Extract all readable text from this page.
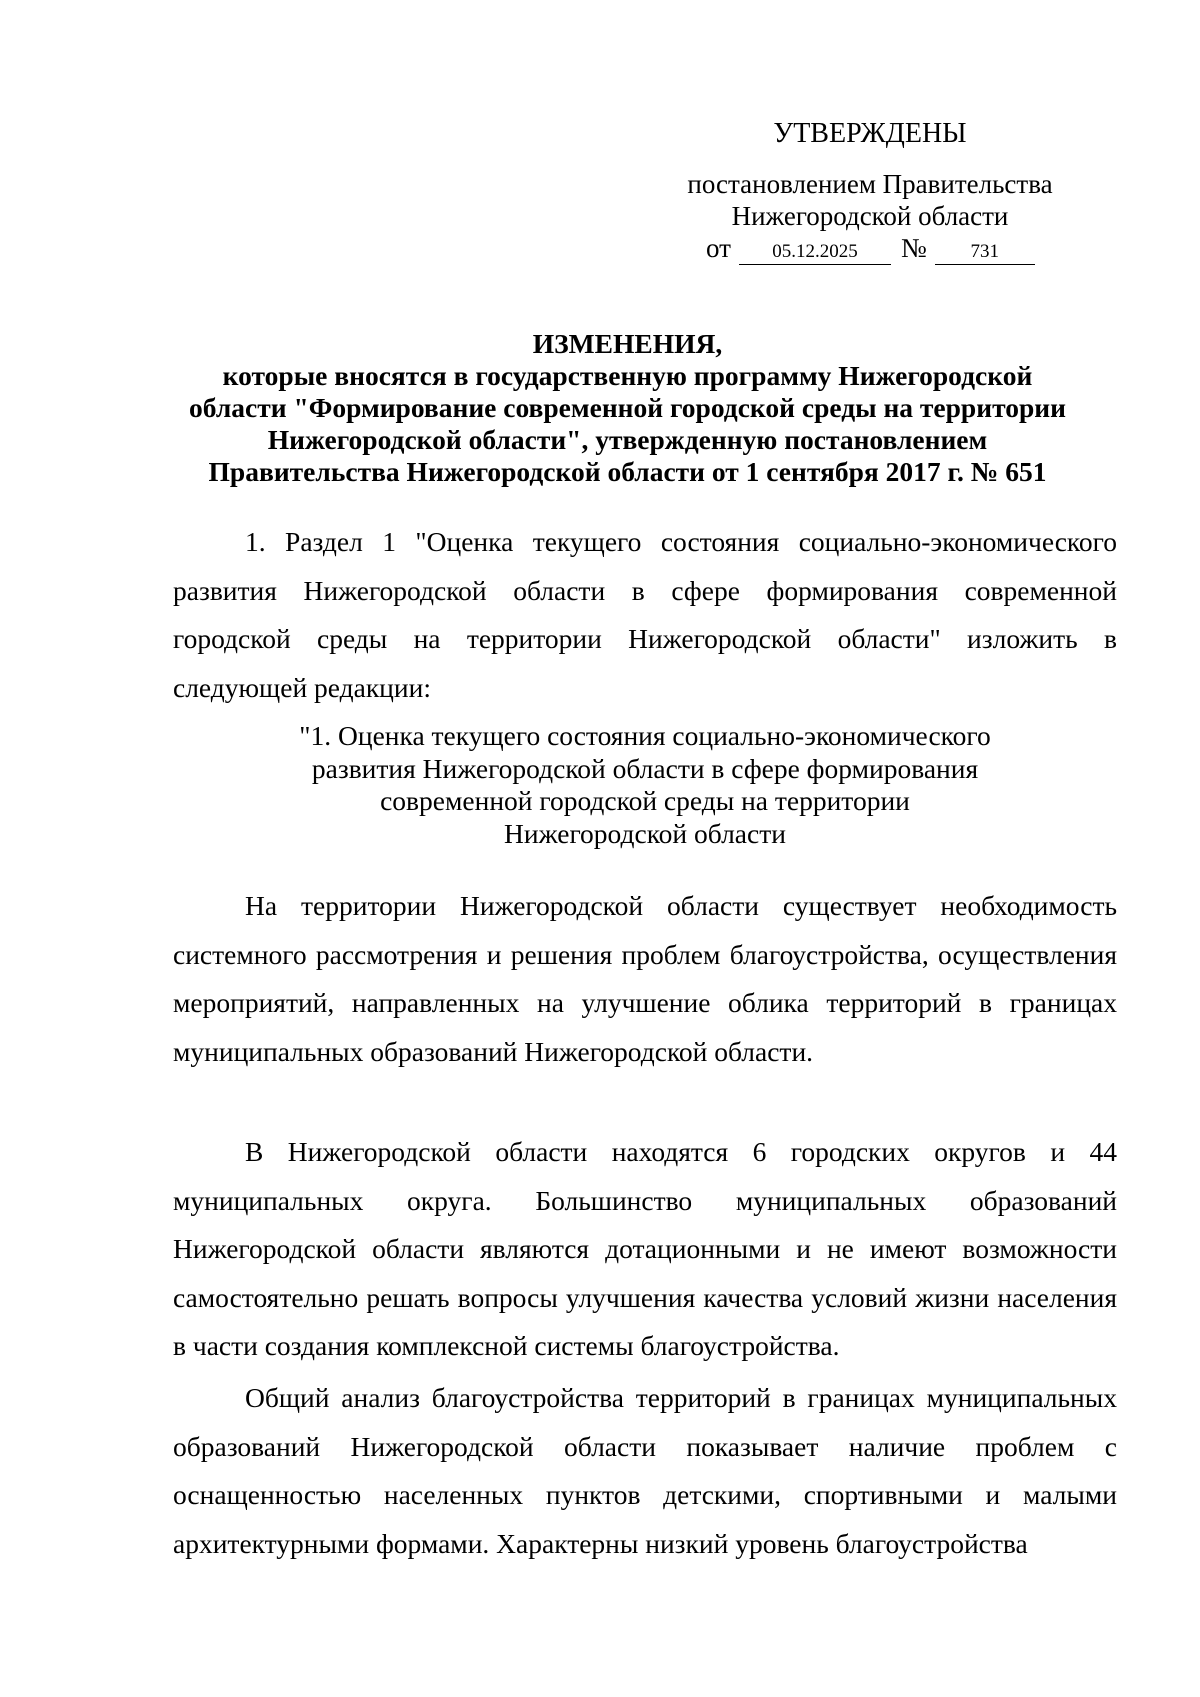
УТВЕРЖДЕНЫ
постановлением Правительства
Нижегородской области
от 05.12.2025 № 731
ИЗМЕНЕНИЯ,
которые вносятся в государственную программу Нижегородской
области "Формирование современной городской среды на территории
Нижегородской области", утвержденную постановлением
Правительства Нижегородской области от 1 сентября 2017 г. № 651
1. Раздел 1 "Оценка текущего состояния социально-экономического развития Нижегородской области в сфере формирования современной городской среды на территории Нижегородской области" изложить в следующей редакции:
"1. Оценка текущего состояния социально-экономического
развития Нижегородской области в сфере формирования
современной городской среды на территории
Нижегородской области
На территории Нижегородской области существует необходимость системного рассмотрения и решения проблем благоустройства, осуществления мероприятий, направленных на улучшение облика территорий в границах муниципальных образований Нижегородской области.
В Нижегородской области находятся 6 городских округов и 44 муниципальных округа. Большинство муниципальных образований Нижегородской области являются дотационными и не имеют возможности самостоятельно решать вопросы улучшения качества условий жизни населения в части создания комплексной системы благоустройства.
Общий анализ благоустройства территорий в границах муниципальных образований Нижегородской области показывает наличие проблем с оснащенностью населенных пунктов детскими, спортивными и малыми архитектурными формами. Характерны низкий уровень благоустройства
